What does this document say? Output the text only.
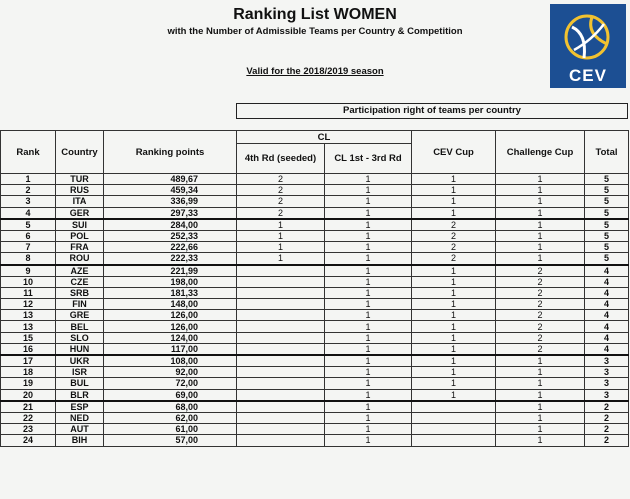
Ranking List WOMEN
with the Number of Admissible Teams per Country & Competition
Valid for the 2018/2019 season	CEV
Participation right of teams per country
Rank	Country	Ranking points	CL		CEV Cup	Challenge Cup	Total
			4th Rd (seeded)	CL 1st - 3rd Rd			
1	TUR	489,67	2	1	1	1	5
2	RUS	459,34	2	1	1	1	5
3	ITA	336,99	2	1	1	1	5
4	GER	297,33	2	1	1	1	5
5	SUI	284,00	1	1	2	1	5
6	POL	252,33	1	1	2	1	5
7	FRA	222,66	1	1	2	1	5
8	ROU	222,33	1	1	2	1	5
9	AZE	221,99		1	1	2	4
10	CZE	198,00		1	1	2	4
11	SRB	181,33		1	1	2	4
12	FIN	148,00		1	1	2	4
13	GRE	126,00		1	1	2	4
13	BEL	126,00		1	1	2	4
15	SLO	124,00		1	1	2	4
16	HUN	117,00		1	1	2	4
17	UKR	108,00		1	1	1	3
18	ISR	92,00		1	1	1	3
19	BUL	72,00		1	1	1	3
20	BLR	69,00		1	1	1	3
21	ESP	68,00		1		1	2
22	NED	62,00		1		1	2
23	AUT	61,00		1		1	2
24	BIH	57,00		1		1	2
